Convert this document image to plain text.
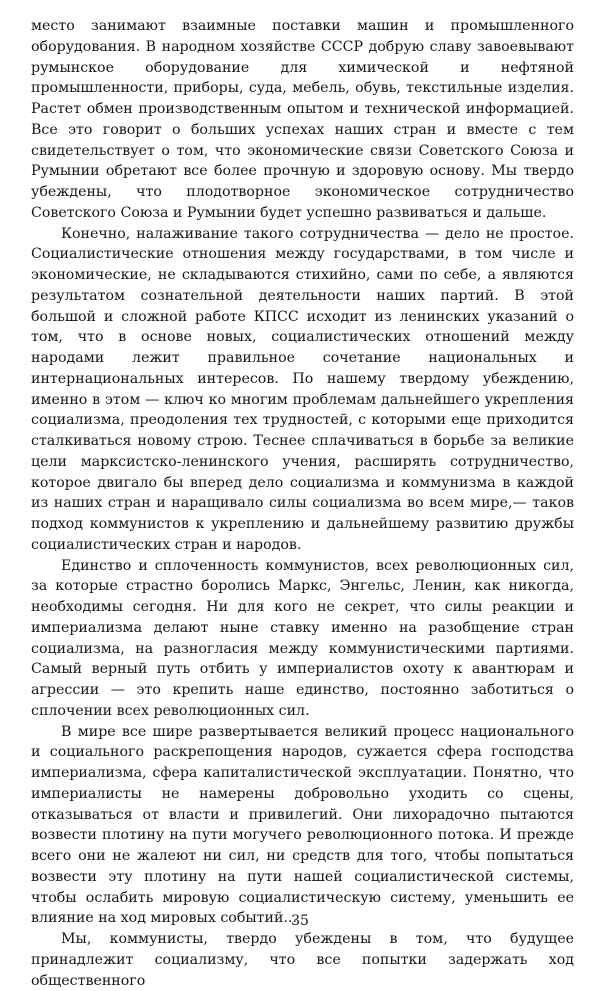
место занимают взаимные поставки машин и промышленного оборудования. В народном хозяйстве СССР добрую славу завоевывают румынское оборудование для химической и нефтяной промышленности, приборы, суда, мебель, обувь, текстильные изделия. Растет обмен производственным опытом и технической информацией. Все это говорит о больших успехах наших стран и вместе с тем свидетельствует о том, что экономические связи Советского Союза и Румынии обретают все более прочную и здоровую основу. Мы твердо убеждены, что плодотворное экономическое сотрудничество Советского Союза и Румынии будет успешно развиваться и дальше.

Конечно, налаживание такого сотрудничества — дело не простое. Социалистические отношения между государствами, в том числе и экономические, не складываются стихийно, сами по себе, а являются результатом сознательной деятельности наших партий. В этой большой и сложной работе КПСС исходит из ленинских указаний о том, что в основе новых, социалистических отношений между народами лежит правильное сочетание национальных и интернациональных интересов. По нашему твердому убеждению, именно в этом — ключ ко многим проблемам дальнейшего укрепления социализма, преодоления тех трудностей, с которыми еще приходится сталкиваться новому строю. Теснее сплачиваться в борьбе за великие цели марксистско-ленинского учения, расширять сотрудничество, которое двигало бы вперед дело социализма и коммунизма в каждой из наших стран и наращивало силы социализма во всем мире,— таков подход коммунистов к укреплению и дальнейшему развитию дружбы социалистических стран и народов.

Единство и сплоченность коммунистов, всех революционных сил, за которые страстно боролись Маркс, Энгельс, Ленин, как никогда, необходимы сегодня. Ни для кого не секрет, что силы реакции и империализма делают ныне ставку именно на разобщение стран социализма, на разногласия между коммунистическими партиями. Самый верный путь отбить у империалистов охоту к авантюрам и агрессии — это крепить наше единство, постоянно заботиться о сплочении всех революционных сил.

В мире все шире развертывается великий процесс национального и социального раскрепощения народов, сужается сфера господства империализма, сфера капиталистической эксплуатации. Понятно, что империалисты не намерены добровольно уходить со сцены, отказываться от власти и привилегий. Они лихорадочно пытаются возвести плотину на пути могучего революционного потока. И прежде всего они не жалеют ни сил, ни средств для того, чтобы попытаться возвести эту плотину на пути нашей социалистической системы, чтобы ослабить мировую социалистическую систему, уменьшить ее влияние на ход мировых событий...

Мы, коммунисты, твердо убеждены в том, что будущее принадлежит социализму, что все попытки задержать ход общественного

35
